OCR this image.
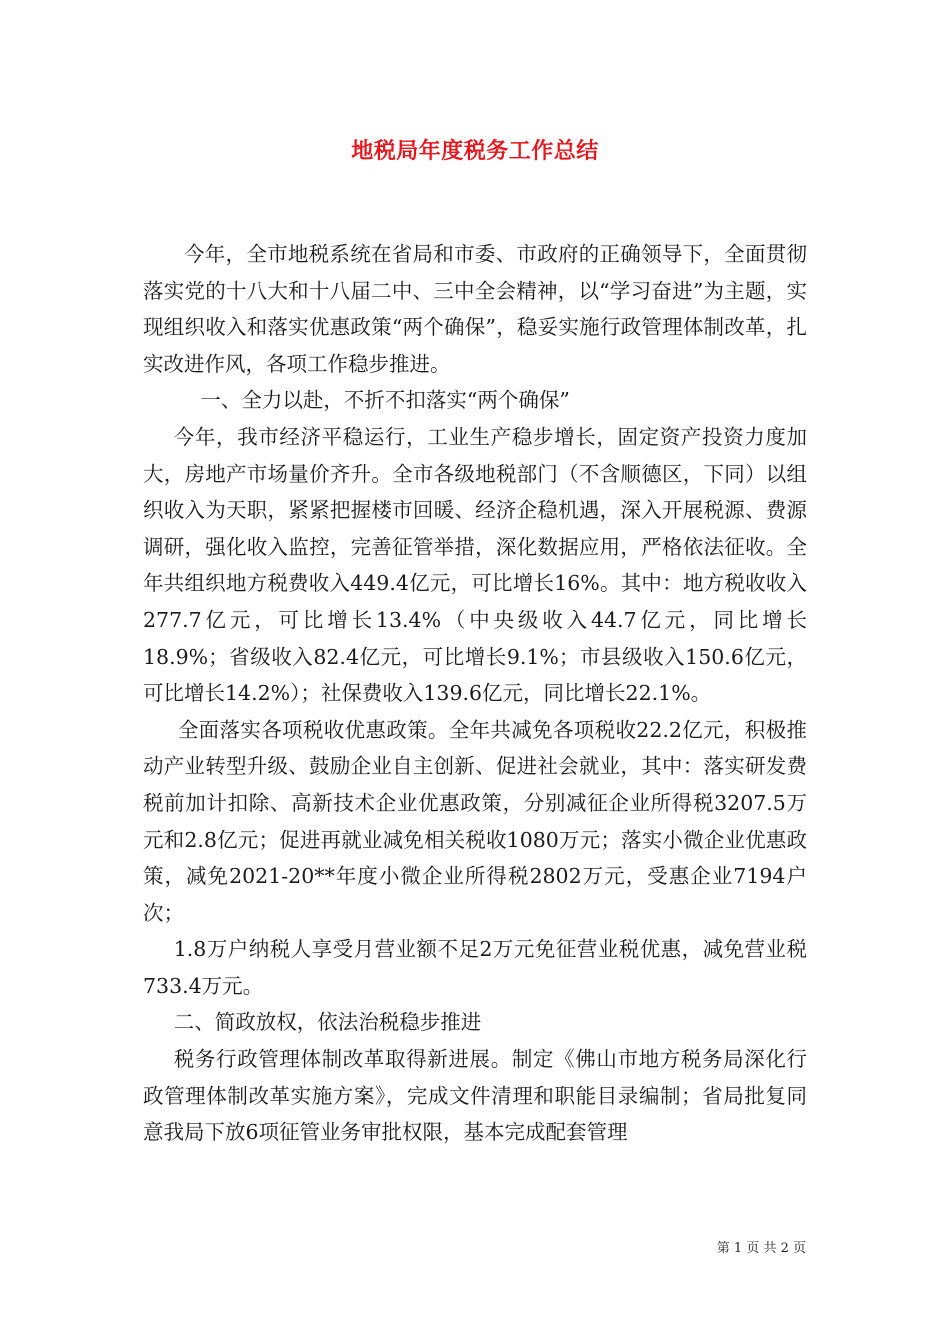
地税局年度税务工作总结

今年，全市地税系统在省局和市委、市政府的正确领导下，全面贯彻落实党的十八大和十八届二中、三中全会精神，以“学习奋进”为主题，实现组织收入和落实优惠政策“两个确保”，稳妥实施行政管理体制改革，扎实改进作风，各项工作稳步推进。

一、全力以赴，不折不扣落实“两个确保”

今年，我市经济平稳运行，工业生产稳步增长，固定资产投资力度加大，房地产市场量价齐升。全市各级地税部门（不含顺德区，下同）以组织收入为天职，紧紧把握楼市回暖、经济企稳机遇，深入开展税源、费源调研，强化收入监控，完善征管举措，深化数据应用，严格依法征收。全年共组织地方税费收入449.4亿元，可比增长16%。其中：地方税收收入277.7亿元，可比增长13.4%（中央级收入44.7亿元，同比增长18.9%；省级收入82.4亿元，可比增长9.1%；市县级收入150.6亿元，可比增长14.2%）；社保费收入139.6亿元，同比增长22.1%。

全面落实各项税收优惠政策。全年共减免各项税收22.2亿元，积极推动产业转型升级、鼓励企业自主创新、促进社会就业，其中：落实研发费税前加计扣除、高新技术企业优惠政策，分别减征企业所得税3207.5万元和2.8亿元；促进再就业减免相关税收1080万元；落实小微企业优惠政策，减免2021-20**年度小微企业所得税2802万元，受惠企业7194户次；

1.8万户纳税人享受月营业额不足2万元免征营业税优惠，减免营业税733.4万元。

二、简政放权，依法治税稳步推进

税务行政管理体制改革取得新进展。制定《佛山市地方税务局深化行政管理体制改革实施方案》，完成文件清理和职能目录编制；省局批复同意我局下放6项征管业务审批权限，基本完成配套管理

第 1 页 共 2 页
